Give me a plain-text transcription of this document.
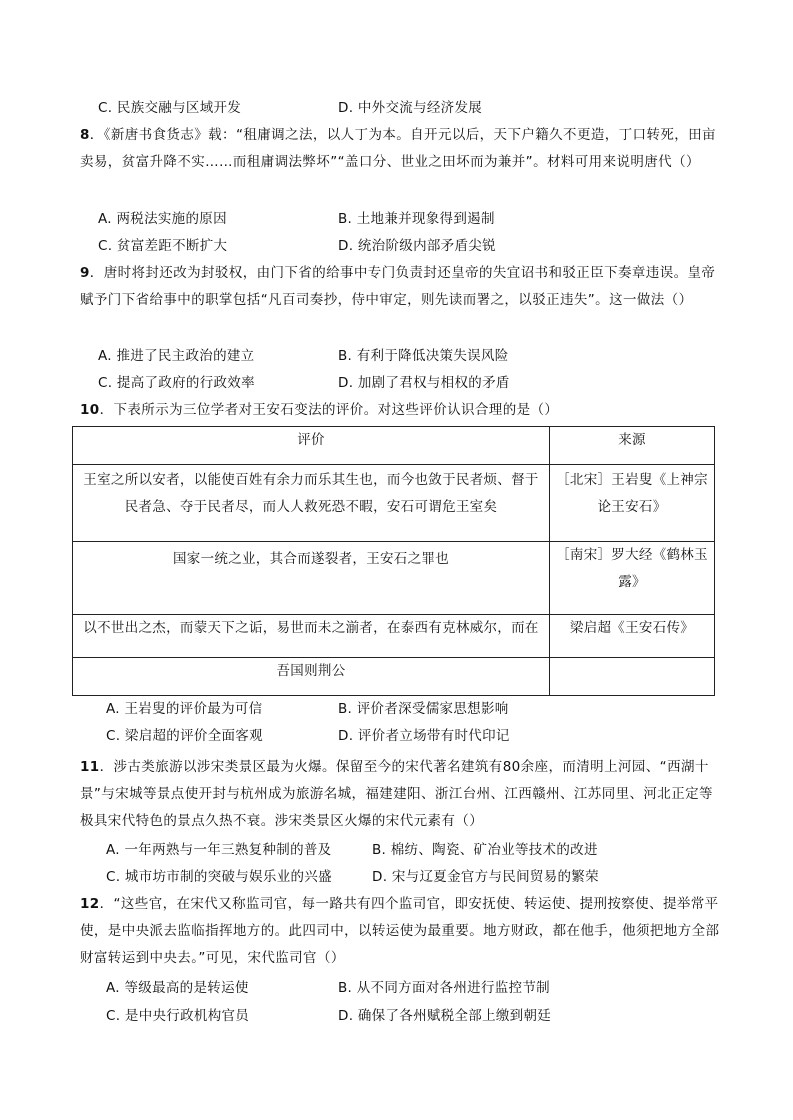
C. 民族交融与区域开发	D. 中外交流与经济发展
8．《新唐书食货志》载：“租庸调之法，以人丁为本。自开元以后，天下户籍久不更造，丁口转死，田亩卖易，贫富升降不实……而租庸调法弊坏”“盖口分、世业之田坏而为兼并”。材料可用来说明唐代（）
A. 两税法实施的原因	B. 土地兼并现象得到遏制
C. 贫富差距不断扩大	D. 统治阶级内部矛盾尖锐
9．唐时将封还改为封驳权，由门下省的给事中专门负责封还皇帝的失宜诏书和驳正臣下奏章违误。皇帝赋予门下省给事中的职掌包括“凡百司奏抄，侍中审定，则先读而署之，以驳正违失”。这一做法（）
A. 推进了民主政治的建立	B. 有利于降低决策失误风险
C. 提高了政府的行政效率	D. 加剧了君权与相权的矛盾
10．下表所示为三位学者对王安石变法的评价。对这些评价认识合理的是（）
评价	来源
王室之所以安者，以能使百姓有余力而乐其生也，而今也敛于民者烦、督于民者急、夺于民者尽，而人人救死恐不暇，安石可谓危王室矣	［北宋］王岩叟《上神宗论王安石》
国家一统之业，其合而遂裂者，王安石之罪也	［南宋］罗大经《鹤林玉露》
以不世出之杰，而蒙天下之诟，易世而未之湔者，在泰西有克林威尔，而在	梁启超《王安石传》
吾国则荆公	
A. 王岩叟的评价最为可信	B. 评价者深受儒家思想影响
C. 梁启超的评价全面客观	D. 评价者立场带有时代印记
11．涉古类旅游以涉宋类景区最为火爆。保留至今的宋代著名建筑有80余座，而清明上河园、“西湖十景”与宋城等景点使开封与杭州成为旅游名城，福建建阳、浙江台州、江西赣州、江苏同里、河北正定等极具宋代特色的景点久热不衰。涉宋类景区火爆的宋代元素有（）
A. 一年两熟与一年三熟复种制的普及	B. 棉纺、陶瓷、矿冶业等技术的改进
C. 城市坊市制的突破与娱乐业的兴盛	D. 宋与辽夏金官方与民间贸易的繁荣
12．“这些官，在宋代又称监司官，每一路共有四个监司官，即安抚使、转运使、提刑按察使、提举常平使，是中央派去监临指挥地方的。此四司中，以转运使为最重要。地方财政，都在他手，他须把地方全部财富转运到中央去。”可见，宋代监司官（）
A. 等级最高的是转运使	B. 从不同方面对各州进行监控节制
C. 是中央行政机构官员	D. 确保了各州赋税全部上缴到朝廷
